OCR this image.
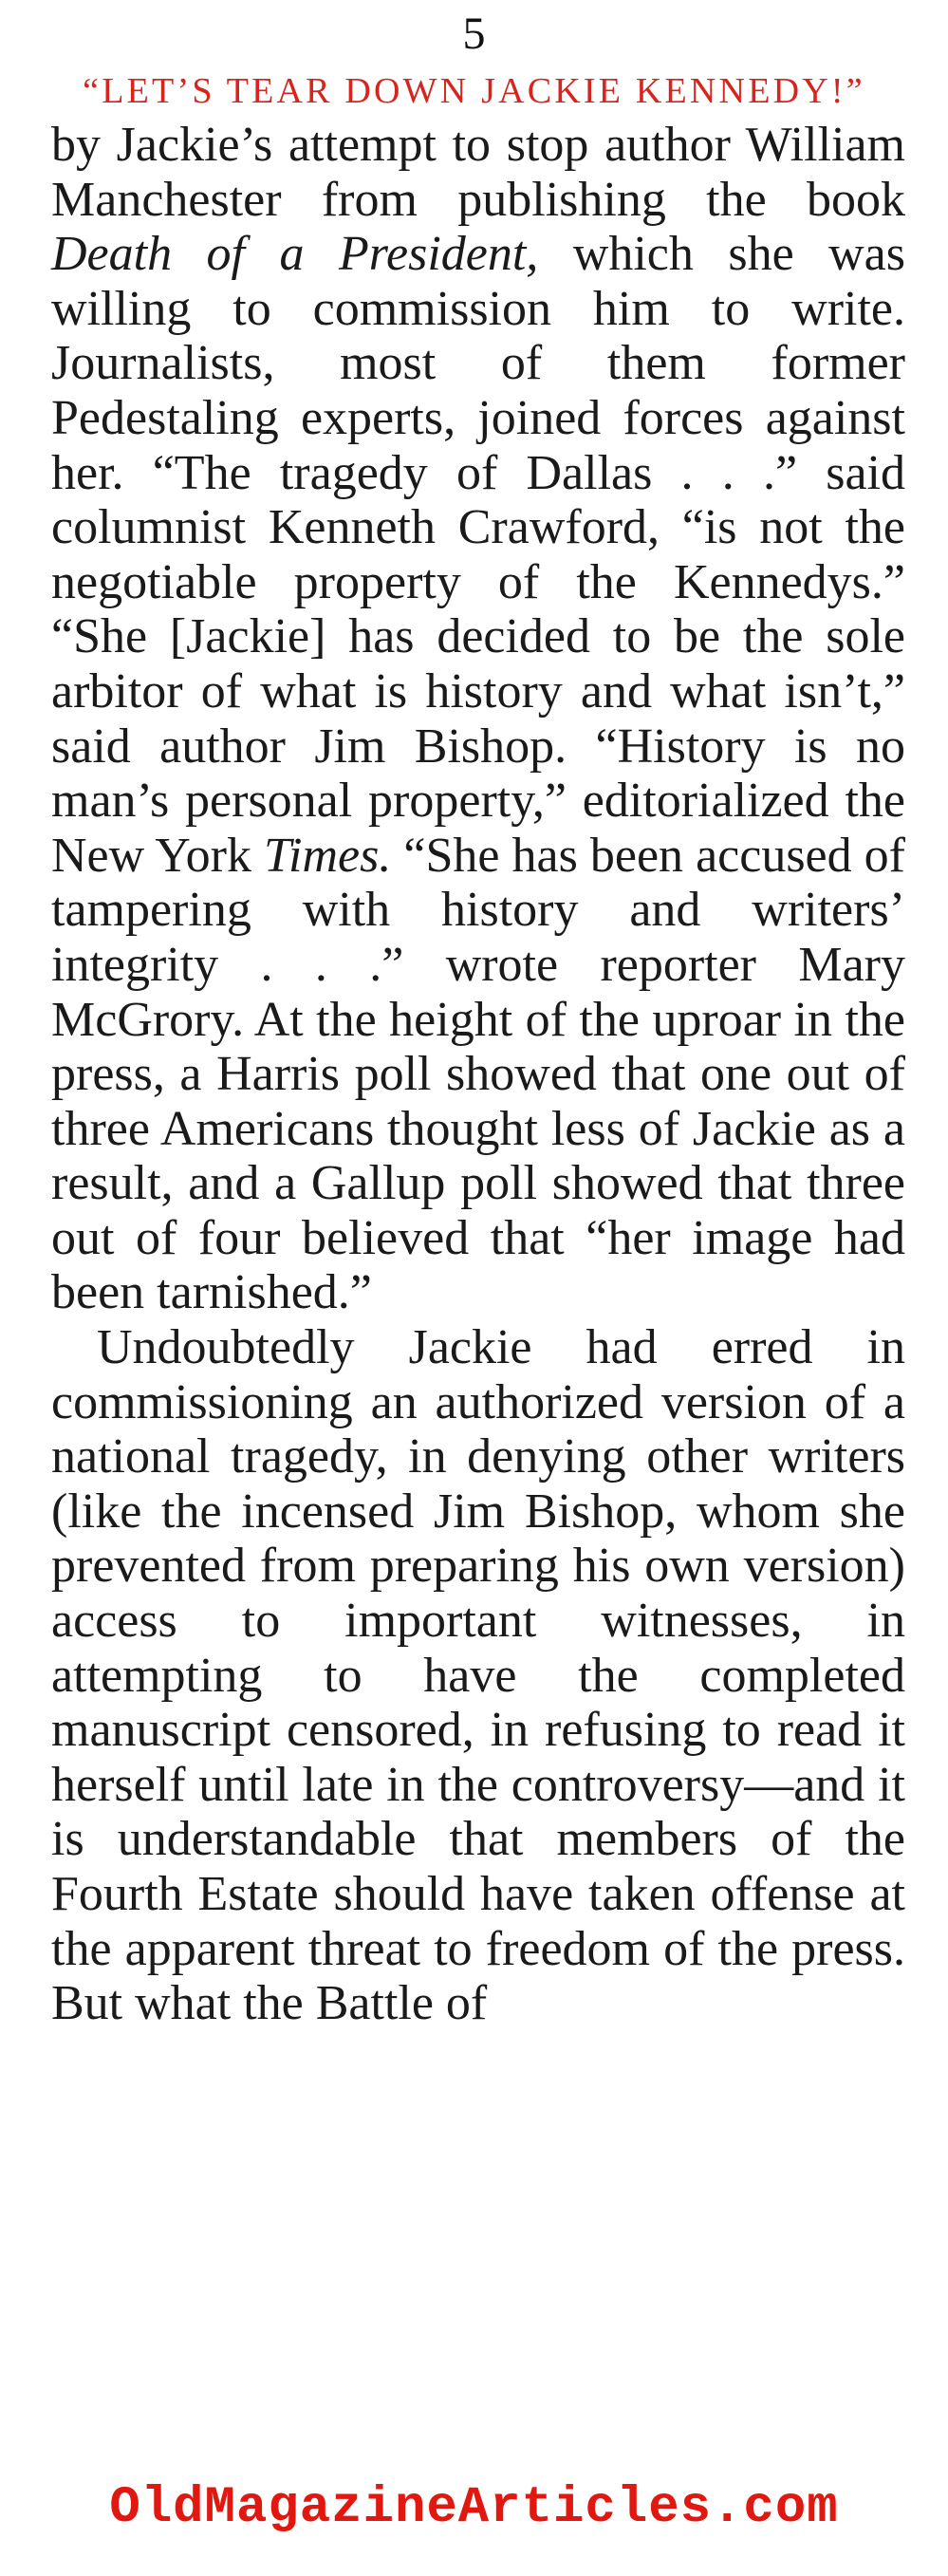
5
“LET’S TEAR DOWN JACKIE KENNEDY!”

by Jackie’s attempt to stop author William Manchester from publishing the book Death of a President, which she was willing to commission him to write. Journalists, most of them former Pedestaling experts, joined forces against her. “The tragedy of Dallas . . .” said columnist Kenneth Crawford, “is not the negotiable property of the Kennedys.” “She [Jackie] has decided to be the sole arbitor of what is history and what isn’t,” said author Jim Bishop. “History is no man’s personal property,” editorialized the New York Times. “She has been accused of tampering with history and writers’ integrity . . .” wrote reporter Mary McGrory. At the height of the uproar in the press, a Harris poll showed that one out of three Americans thought less of Jackie as a result, and a Gallup poll showed that three out of four believed that “her image had been tarnished.”

Undoubtedly Jackie had erred in commissioning an authorized version of a national tragedy, in denying other writers (like the incensed Jim Bishop, whom she prevented from preparing his own version) access to important witnesses, in attempting to have the completed manuscript censored, in refusing to read it herself until late in the controversy—and it is understandable that members of the Fourth Estate should have taken offense at the apparent threat to freedom of the press. But what the Battle of

OldMagazineArticles.com
